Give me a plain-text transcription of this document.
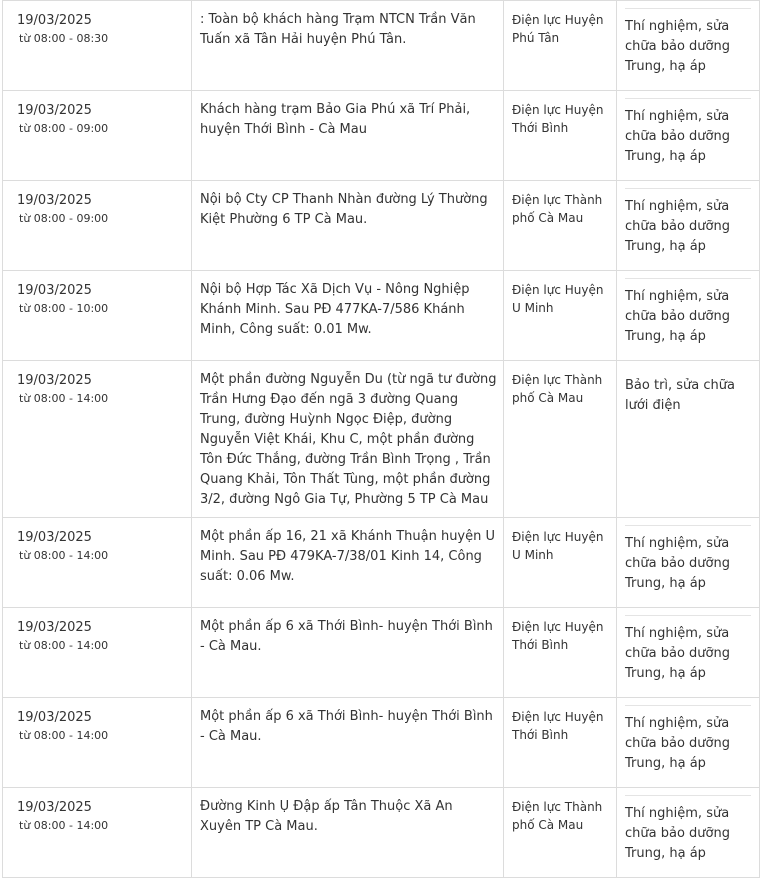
19/03/2025
từ 08:00 - 08:30	: Toàn bộ khách hàng Trạm NTCN Trần Văn Tuấn xã Tân Hải huyện Phú Tân.	Điện lực Huyện Phú Tân	Thí nghiệm, sửa chữa bảo dưỡng Trung, hạ áp

19/03/2025
từ 08:00 - 09:00	Khách hàng trạm Bảo Gia Phú xã Trí Phải, huyện Thới Bình - Cà Mau	Điện lực Huyện Thới Bình	Thí nghiệm, sửa chữa bảo dưỡng Trung, hạ áp

19/03/2025
từ 08:00 - 09:00	Nội bộ Cty CP Thanh Nhàn đường Lý Thường Kiệt Phường 6 TP Cà Mau.	Điện lực Thành phố Cà Mau	Thí nghiệm, sửa chữa bảo dưỡng Trung, hạ áp

19/03/2025
từ 08:00 - 10:00	Nội bộ Hợp Tác Xã Dịch Vụ - Nông Nghiệp Khánh Minh. Sau PĐ 477KA-7/586 Khánh Minh, Công suất: 0.01 Mw.	Điện lực Huyện U Minh	Thí nghiệm, sửa chữa bảo dưỡng Trung, hạ áp

19/03/2025
từ 08:00 - 14:00	Một phần đường Nguyễn Du (từ ngã tư đường Trần Hưng Đạo đến ngã 3 đường Quang Trung, đường Huỳnh Ngọc Điệp, đường Nguyễn Việt Khái, Khu C, một phần đường Tôn Đức Thắng, đường Trần Bình Trọng , Trần Quang Khải, Tôn Thất Tùng, một phần đường 3/2, đường Ngô Gia Tự, Phường 5 TP Cà Mau	Điện lực Thành phố Cà Mau	Bảo trì, sửa chữa lưới điện

19/03/2025
từ 08:00 - 14:00	Một phần ấp 16, 21 xã Khánh Thuận huyện U Minh. Sau PĐ 479KA-7/38/01 Kinh 14, Công suất: 0.06 Mw.	Điện lực Huyện U Minh	Thí nghiệm, sửa chữa bảo dưỡng Trung, hạ áp

19/03/2025
từ 08:00 - 14:00	Một phần ấp 6 xã Thới Bình- huyện Thới Bình - Cà Mau.	Điện lực Huyện Thới Bình	Thí nghiệm, sửa chữa bảo dưỡng Trung, hạ áp

19/03/2025
từ 08:00 - 14:00	Một phần ấp 6 xã Thới Bình- huyện Thới Bình - Cà Mau.	Điện lực Huyện Thới Bình	Thí nghiệm, sửa chữa bảo dưỡng Trung, hạ áp

19/03/2025
từ 08:00 - 14:00	Đường Kinh Ụ Đập ấp Tân Thuộc Xã An Xuyên TP Cà Mau.	Điện lực Thành phố Cà Mau	Thí nghiệm, sửa chữa bảo dưỡng Trung, hạ áp
